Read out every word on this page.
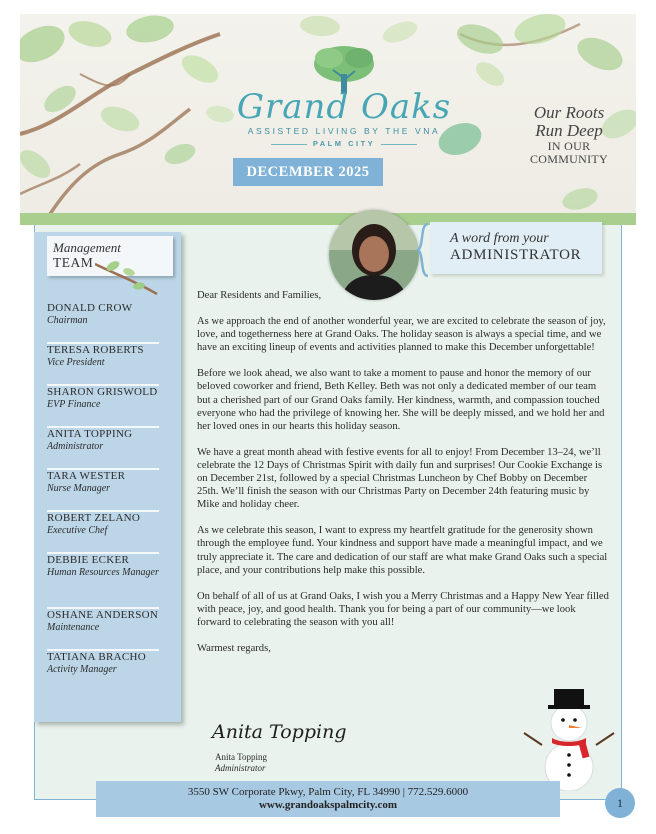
Grand Oaks
ASSISTED LIVING BY THE VNA
PALM CITY
Our Roots
Run Deep
IN OUR
COMMUNITY
DECEMBER 2025
Management
TEAM
DONALD CROW
Chairman
TERESA ROBERTS
Vice President
SHARON GRISWOLD
EVP Finance
ANITA TOPPING
Administrator
TARA WESTER
Nurse Manager
ROBERT ZELANO
Executive Chef
DEBBIE ECKER
Human Resources Manager
OSHANE ANDERSON
Maintenance
TATIANA BRACHO
Activity Manager
A word from your
ADMINISTRATOR

Dear Residents and Families,

As we approach the end of another wonderful year, we are excited to celebrate the season of joy, love, and togetherness here at Grand Oaks. The holiday season is always a special time, and we have an exciting lineup of events and activities planned to make this December unforgettable!

Before we look ahead, we also want to take a moment to pause and honor the memory of our beloved coworker and friend, Beth Kelley. Beth was not only a dedicated member of our team but a cherished part of our Grand Oaks family. Her kindness, warmth, and compassion touched everyone who had the privilege of knowing her. She will be deeply missed, and we hold her and her loved ones in our hearts this holiday season.

We have a great month ahead with festive events for all to enjoy! From December 13–24, we’ll celebrate the 12 Days of Christmas Spirit with daily fun and surprises! Our Cookie Exchange is on December 21st, followed by a special Christmas Luncheon by Chef Bobby on December 25th. We’ll finish the season with our Christmas Party on December 24th featuring music by Mike and holiday cheer.

As we celebrate this season, I want to express my heartfelt gratitude for the generosity shown through the employee fund. Your kindness and support have made a meaningful impact, and we truly appreciate it. The care and dedication of our staff are what make Grand Oaks such a special place, and your contributions help make this possible.

On behalf of all of us at Grand Oaks, I wish you a Merry Christmas and a Happy New Year filled with peace, joy, and good health. Thank you for being a part of our community—we look forward to celebrating the season with you all!

Warmest regards,

Anita Topping
Anita Topping
Administrator
3550 SW Corporate Pkwy, Palm City, FL 34990 | 772.529.6000
www.grandoakspalmcity.com	1
